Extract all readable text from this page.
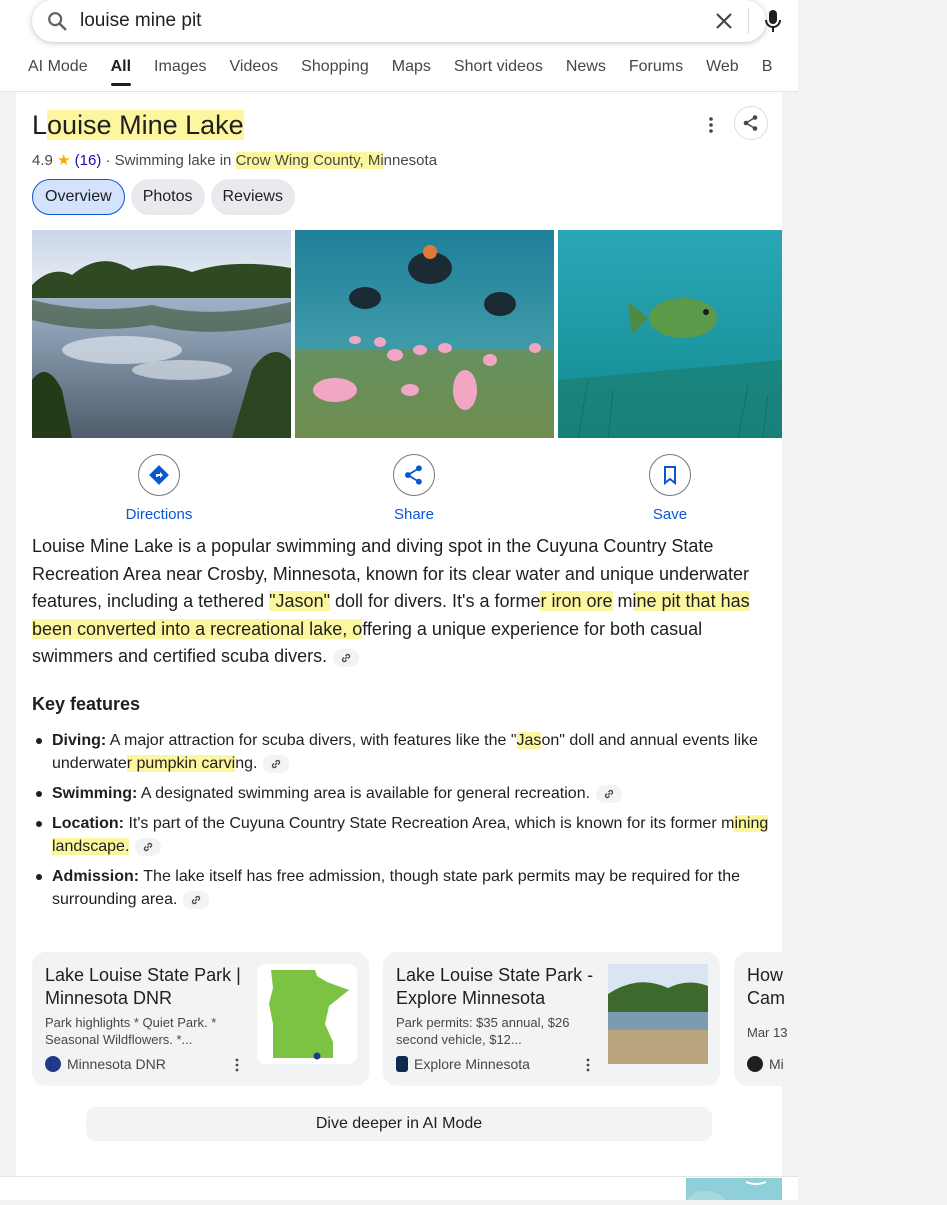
louise mine pit
AI Mode All Images Videos Shopping Maps Short videos News Forums Web B
Louise Mine Lake
4.9 ★ (16) · Swimming lake in Crow Wing County, Minnesota
Overview	Photos	Reviews
Directions	Share	Save

Louise Mine Lake is a popular swimming and diving spot in the Cuyuna Country State Recreation Area near Crosby, Minnesota, known for its clear water and unique underwater features, including a tethered "Jason" doll for divers. It's a former iron ore mine pit that has been converted into a recreational lake, offering a unique experience for both casual swimmers and certified scuba divers.

Key features
Diving: A major attraction for scuba divers, with features like the "Jason" doll and annual events like underwater pumpkin carving.
Swimming: A designated swimming area is available for general recreation.
Location: It's part of the Cuyuna Country State Recreation Area, which is known for its former mining landscape.
Admission: The lake itself has free admission, though state park permits may be required for the surrounding area.
Lake Louise State Park | Minnesota DNR
Park highlights * Quiet Park. * Seasonal Wildflowers. *...
Minnesota DNR
Lake Louise State Park - Explore Minnesota
Park permits: $35 annual, $26 second vehicle, $12...
Explore Minnesota
How Cam
Mar 13
Mi
Dive deeper in AI Mode
